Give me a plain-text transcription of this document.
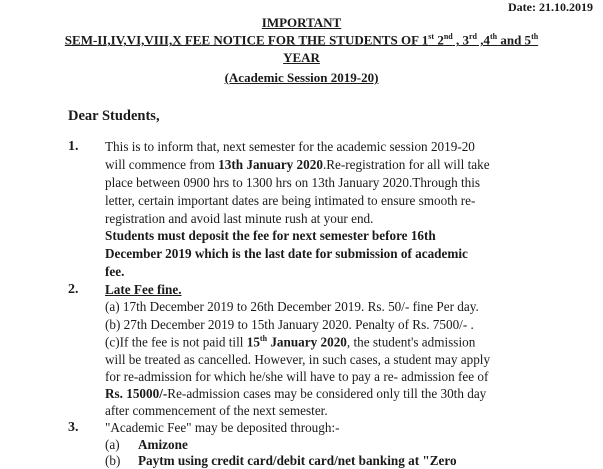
Date: 21.10.2019
IMPORTANT
SEM-II,IV,VI,VIII,X FEE NOTICE FOR THE STUDENTS OF 1st 2nd , 3rd ,4th and 5th
YEAR
(Academic Session 2019-20)
Dear Students,
1. This is to inform that, next semester for the academic session 2019-20
will commence from 13th January 2020.Re-registration for all will take
place between 0900 hrs to 1300 hrs on 13th January 2020.Through this
letter, certain important dates are being intimated to ensure smooth re-
registration and avoid last minute rush at your end.
Students must deposit the fee for next semester before 16th
December 2019 which is the last date for submission of academic
fee.
2. Late Fee fine.
(a) 17th December 2019 to 26th December 2019. Rs. 50/- fine Per day.
(b) 27th December 2019 to 15th January 2020. Penalty of Rs. 7500/- .
(c)If the fee is not paid till 15th January 2020, the student's admission
will be treated as cancelled. However, in such cases, a student may apply
for re-admission for which he/she will have to pay a re- admission fee of
Rs. 15000/-Re-admission cases may be considered only till the 30th day
after commencement of the next semester.
3. "Academic Fee" may be deposited through:-
(a) Amizone
(b) Paytm using credit card/debit card/net banking at "Zero
